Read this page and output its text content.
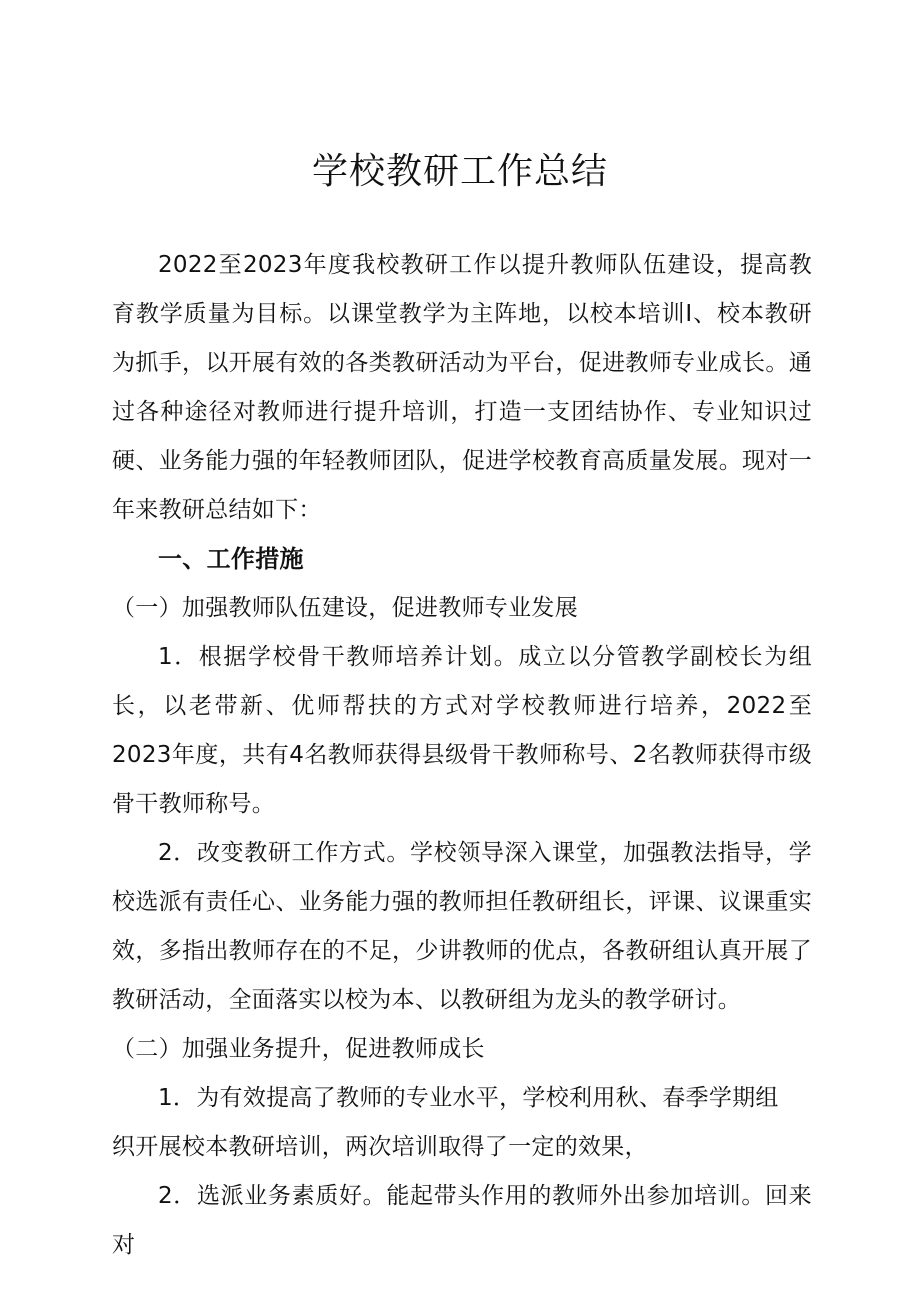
学校教研工作总结

2022至2023年度我校教研工作以提升教师队伍建设，提高教育教学质量为目标。以课堂教学为主阵地，以校本培训I、校本教研为抓手，以开展有效的各类教研活动为平台，促进教师专业成长。通过各种途径对教师进行提升培训，打造一支团结协作、专业知识过硬、业务能力强的年轻教师团队，促进学校教育高质量发展。现对一年来教研总结如下：

一、工作措施

（一）加强教师队伍建设，促进教师专业发展

1．根据学校骨干教师培养计划。成立以分管教学副校长为组长，以老带新、优师帮扶的方式对学校教师进行培养，2022至2023年度，共有4名教师获得县级骨干教师称号、2名教师获得市级骨干教师称号。

2．改变教研工作方式。学校领导深入课堂，加强教法指导，学校选派有责任心、业务能力强的教师担任教研组长，评课、议课重实效，多指出教师存在的不足，少讲教师的优点，各教研组认真开展了教研活动，全面落实以校为本、以教研组为龙头的教学研讨。

（二）加强业务提升，促进教师成长

1．为有效提高了教师的专业水平，学校利用秋、春季学期组

织开展校本教研培训，两次培训取得了一定的效果，

2．选派业务素质好。能起带头作用的教师外出参加培训。回来对
